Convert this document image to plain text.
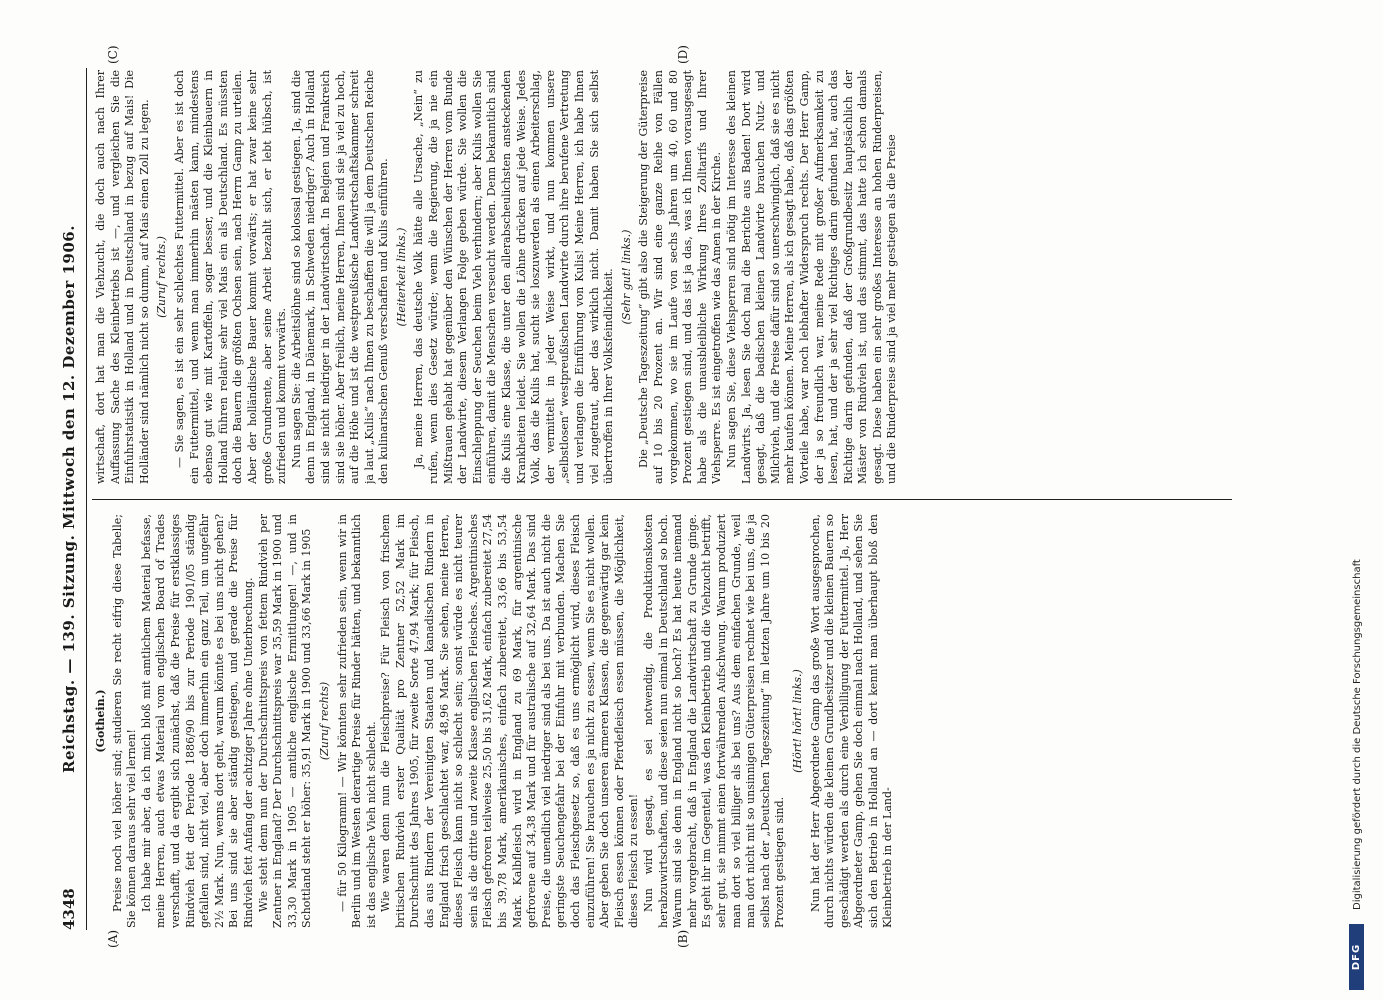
4348
Reichstag. — 139. Sitzung. Mittwoch den 12. Dezember 1906.
(A)	(B)
(C)	(D)

(Gothein.) Preise noch viel höher sind; studieren Sie recht eifrig diese Tabelle; Sie können daraus sehr viel lernen! Ich habe mir aber, da ich mich bloß mit amtlichem Material befasse, meine Herren, auch etwas Material vom englischen Board of Trades verschafft, und da ergibt sich zunächst, daß die Preise für erstklassiges Rindvieh fett der Periode 1886/90 bis zur Periode 1901/05 ständig gefallen sind, nicht viel, aber doch immerhin ein ganz Teil, um ungefähr 2½ Mark. Nun, wenns dort geht, warum könnte es bei uns nicht gehen? Bei uns sind sie aber ständig gestiegen, und gerade die Preise für Rindvieh fett Anfang der achtziger Jahre ohne Unterbrechung. Wie steht denn nun der Durchschnittspreis von fettem Rindvieh per Zentner in England? Der Durchschnittspreis war 35,59 Mark in 1900 und 33,30 Mark in 1905 — amtliche englische Ermittlungen! —, und in Schottland steht er höher: 35,91 Mark in 1900 und 33,66 Mark in 1905 (Zuruf rechts) — für 50 Kilogramm! — Wir könnten sehr zufrieden sein, wenn wir in Berlin und im Westen derartige Preise für Rinder hätten, und bekanntlich ist das englische Vieh nicht schlecht. Wie waren denn nun die Fleischpreise? Für Fleisch von frischem britischen Rindvieh erster Qualität pro Zentner 52,52 Mark im Durchschnitt des Jahres 1905, für zweite Sorte 47,94 Mark; für Fleisch, das aus Rindern der Vereinigten Staaten und kanadischen Rindern in England frisch geschlachtet war, 48,96 Mark. Sie sehen, meine Herren, dieses Fleisch kann nicht so schlecht sein; sonst würde es nicht teurer sein als die dritte und zweite Klasse englischen Fleisches. Argentinisches Fleisch gefroren teilweise 25,50 bis 31,62 Mark, einfach zubereitet 27,54 bis 39,78 Mark, amerikanisches, einfach zubereitet, 33,66 bis 53,54 Mark. Kalbfleisch wird in England zu 69 Mark, für argentinische gefrorene auf 34,38 Mark und für australische auf 32,64 Mark. Das sind Preise, die unendlich viel niedriger sind als bei uns. Da ist auch nicht die geringste Seuchengefahr bei der Einfuhr mit verbunden. Machen Sie doch das Fleischgesetz so, daß es uns ermöglicht wird, dieses Fleisch einzuführen! Sie brauchen es ja nicht zu essen, wenn Sie es nicht wollen. Aber geben Sie doch unseren ärmeren Klassen, die gegenwärtig gar kein Fleisch essen können oder Pferdefleisch essen müssen, die Möglichkeit, dieses Fleisch zu essen! Nun wird gesagt, es sei notwendig, die Produktionskosten herabzuwirtschaften, und diese seien nun einmal in Deutschland so hoch. Warum sind sie denn in England nicht so hoch? Es hat heute niemand mehr vorgebracht, daß in England die Landwirtschaft zu Grunde ginge. Es geht ihr im Gegenteil, was den Kleinbetrieb und die Viehzucht betrifft, sehr gut, sie nimmt einen fortwährenden Aufschwung. Warum produziert man dort so viel billiger als bei uns? Aus dem einfachen Grunde, weil man dort nicht mit so unsinnigen Güterpreisen rechnet wie bei uns, die ja selbst nach der „Deutschen Tageszeitung“ im letzten Jahre um 10 bis 20 Prozent gestiegen sind.

(Hört! hört! links.) Nun hat der Herr Abgeordnete Gamp das große Wort ausgesprochen, durch nichts würden die kleinen Grundbesitzer und die kleinen Bauern so geschädigt werden als durch eine Verbilligung der Futtermittel. Ja, Herr Abgeordneter Gamp, gehen Sie doch einmal nach Holland, und sehen Sie sich den Betrieb in Holland an — dort kennt man überhaupt bloß den Kleinbetrieb in der Land-

wirtschaft, dort hat man die Viehzucht, die doch auch nach Ihrer Auffassung Sache des Kleinbetriebs ist —, und vergleichen Sie die Einfuhrstatistik in Holland und in Deutschland in bezug auf Mais! Die Holländer sind nämlich nicht so dumm, auf Mais einen Zoll zu legen. (Zuruf rechts.) — Sie sagen, es ist ein sehr schlechtes Futtermittel. Aber es ist doch ein Futtermittel, und wenn man immerhin mästen kann, mindestens ebenso gut wie mit Kartoffeln, sogar besser, und die Kleinbauern in Holland führen relativ sehr viel Mais ein als Deutschland. Es müssten doch die Bauern die größten Ochsen sein, nach Herrn Gamp zu urteilen. Aber der holländische Bauer kommt vorwärts; er hat zwar keine sehr große Grundrente, aber seine Arbeit bezahlt sich, er lebt hübsch, ist zufrieden und kommt vorwärts. Nun sagen Sie: die Arbeitslöhne sind so kolossal gestiegen. Ja, sind die denn in England, in Dänemark, in Schweden niedriger? Auch in Holland sind sie nicht niedriger in der Landwirtschaft. In Belgien und Frankreich sind sie höher. Aber freilich, meine Herren, Ihnen sind sie ja viel zu hoch, auf die Höhe und ist die westpreußische Landwirtschaftskammer schreit ja laut „Kulis“ nach Ihnen zu beschaffen die will ja dem Deutschen Reiche den kulinarischen Genuß verschaffen und Kulis einführen. (Heiterkeit links.) Ja, meine Herren, das deutsche Volk hätte alle Ursache, „Nein“ zu rufen, wenn dies Gesetz würde; wenn die Regierung, die ja nie ein Mißtrauen gehabt hat gegenüber den Wünschen der Herren vom Bunde der Landwirte, diesem Verlangen Folge geben würde. Sie wollen die Einschleppung der Seuchen beim Vieh verhindern; aber Kulis wollen Sie einführen, damit die Menschen verseucht werden. Denn bekanntlich sind die Kulis eine Klasse, die unter den allerabscheulichsten ansteckenden Krankheiten leidet. Sie wollen die Löhne drücken auf jede Weise. Jedes Volk, das die Kulis hat, sucht sie loszuwerden als einen Arbeiterschlag, der vermittelt in jeder Weise wirkt, und nun kommen unsere „selbstlosen“ westpreußischen Landwirte durch ihre berufene Vertretung und verlangen die Einführung von Kulis! Meine Herren, ich habe Ihnen viel zugetraut, aber das wirklich nicht. Damit haben Sie sich selbst übertroffen in Ihrer Volksfeindlichkeit. (Sehr gut! links.) Die „Deutsche Tageszeitung“ gibt also die Steigerung der Güterpreise auf 10 bis 20 Prozent an. Wir sind eine ganze Reihe von Fällen vorgekommen, wo sie im Laufe von sechs Jahren um 40, 60 und 80 Prozent gestiegen sind, und das ist ja das, was ich Ihnen vorausgesagt habe als die unausbleibliche Wirkung Ihres Zolltarifs und Ihrer Viehsperre. Es ist eingetroffen wie das Amen in der Kirche. Nun sagen Sie, diese Viehsperren sind nötig im Interesse des kleinen Landwirts. Ja, lesen Sie doch mal die Berichte aus Baden! Dort wird gesagt, daß die badischen kleinen Landwirte brauchen Nutz- und Milchvieh, und die Preise dafür sind so unerschwinglich, daß sie es nicht mehr kaufen können. Meine Herren, als ich gesagt habe, daß das größten Vorteile habe, war noch lebhafter Widerspruch rechts. Der Herr Gamp, der ja so freundlich war, meine Rede mit großer Aufmerksamkeit zu lesen, hat, und der ja sehr viel Richtiges darin gefunden hat, auch das Richtige darin gefunden, daß der Großgrundbesitz hauptsächlich der Mäster von Rindvieh ist, und das stimmt, das hatte ich schon damals gesagt. Diese haben ein sehr großes Interesse an hohen Rinderpreisen, und die Rinderpreise sind ja viel mehr gestiegen als die Preise

DFG
Digitalisierung gefördert durch die Deutsche Forschungsgemeinschaft
